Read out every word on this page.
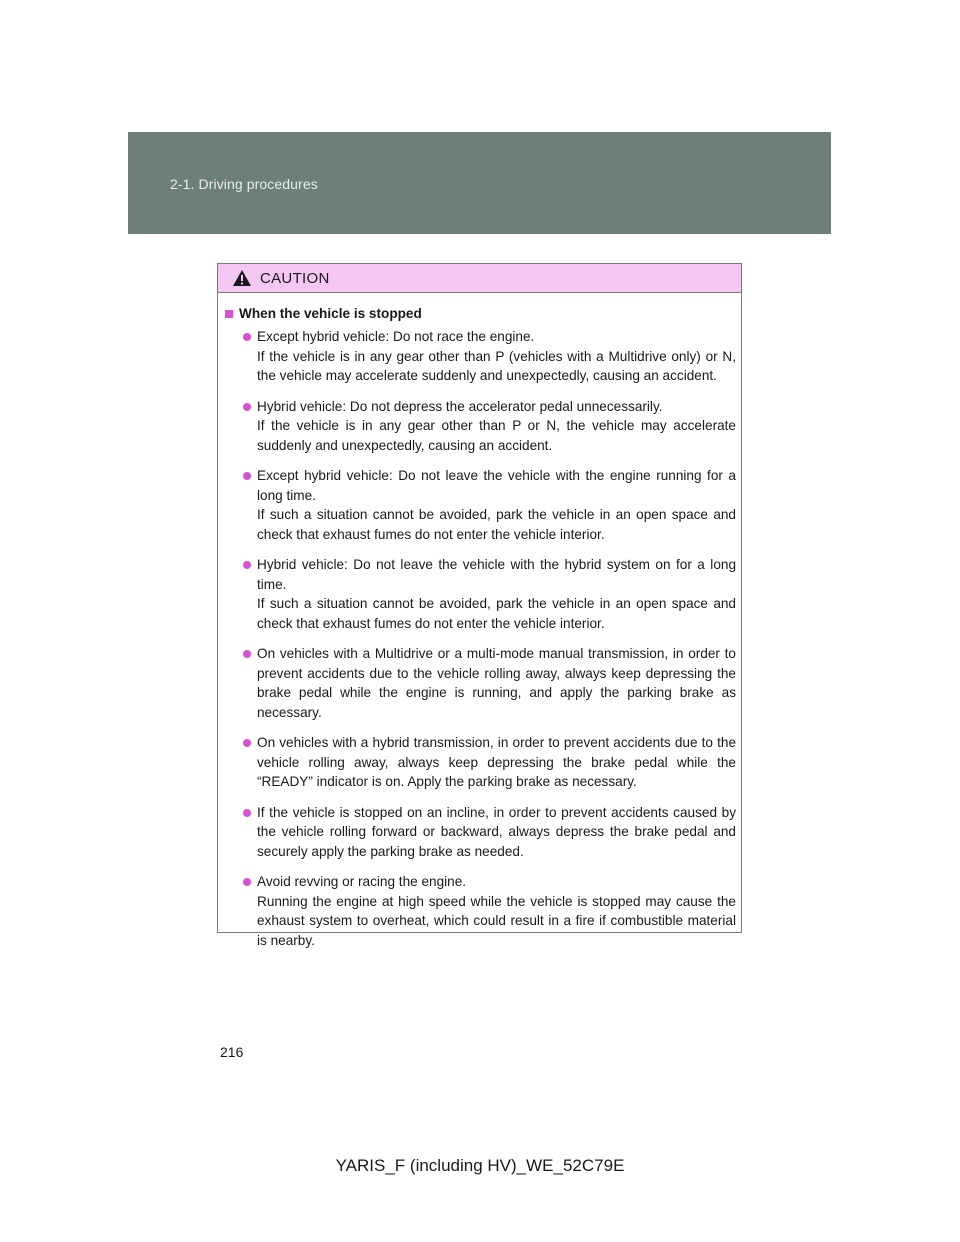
2-1. Driving procedures
CAUTION
When the vehicle is stopped

Except hybrid vehicle: Do not race the engine.

If the vehicle is in any gear other than P (vehicles with a Multidrive only) or N, the vehicle may accelerate suddenly and unexpectedly, causing an accident.

Hybrid vehicle: Do not depress the accelerator pedal unnecessarily.

If the vehicle is in any gear other than P or N, the vehicle may accelerate suddenly and unexpectedly, causing an accident.

Except hybrid vehicle: Do not leave the vehicle with the engine running for a long time.

If such a situation cannot be avoided, park the vehicle in an open space and check that exhaust fumes do not enter the vehicle interior.

Hybrid vehicle: Do not leave the vehicle with the hybrid system on for a long time.

If such a situation cannot be avoided, park the vehicle in an open space and check that exhaust fumes do not enter the vehicle interior.

On vehicles with a Multidrive or a multi-mode manual transmission, in order to prevent accidents due to the vehicle rolling away, always keep depressing the brake pedal while the engine is running, and apply the parking brake as necessary.

On vehicles with a hybrid transmission, in order to prevent accidents due to the vehicle rolling away, always keep depressing the brake pedal while the “READY” indicator is on. Apply the parking brake as necessary.

If the vehicle is stopped on an incline, in order to prevent accidents caused by the vehicle rolling forward or backward, always depress the brake pedal and securely apply the parking brake as needed.

Avoid revving or racing the engine.

Running the engine at high speed while the vehicle is stopped may cause the exhaust system to overheat, which could result in a fire if combustible material is nearby.

216
YARIS_F (including HV)_WE_52C79E
